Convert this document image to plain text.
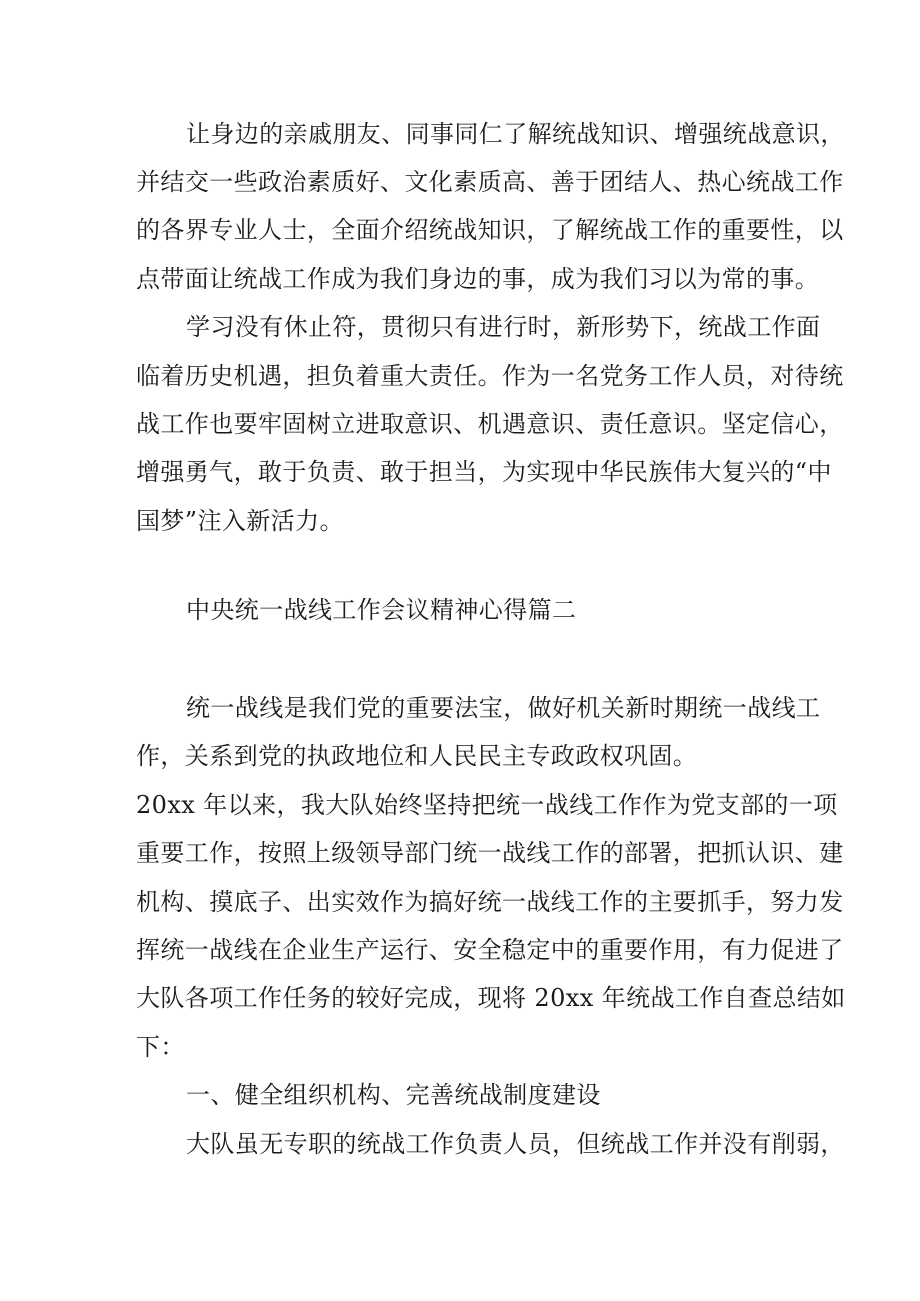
让身边的亲戚朋友、同事同仁了解统战知识、增强统战意识，

并结交一些政治素质好、文化素质高、善于团结人、热心统战工作

的各界专业人士，全面介绍统战知识，了解统战工作的重要性，以

点带面让统战工作成为我们身边的事，成为我们习以为常的事。

学习没有休止符，贯彻只有进行时，新形势下，统战工作面

临着历史机遇，担负着重大责任。作为一名党务工作人员，对待统

战工作也要牢固树立进取意识、机遇意识、责任意识。坚定信心，

增强勇气，敢于负责、敢于担当，为实现中华民族伟大复兴的“中

国梦”注入新活力。

中央统一战线工作会议精神心得篇二

统一战线是我们党的重要法宝，做好机关新时期统一战线工

作，关系到党的执政地位和人民民主专政政权巩固。

20xx 年以来，我大队始终坚持把统一战线工作作为党支部的一项

重要工作，按照上级领导部门统一战线工作的部署，把抓认识、建

机构、摸底子、出实效作为搞好统一战线工作的主要抓手，努力发

挥统一战线在企业生产运行、安全稳定中的重要作用，有力促进了

大队各项工作任务的较好完成，现将 20xx 年统战工作自查总结如

下：

一、健全组织机构、完善统战制度建设

大队虽无专职的统战工作负责人员，但统战工作并没有削弱，
